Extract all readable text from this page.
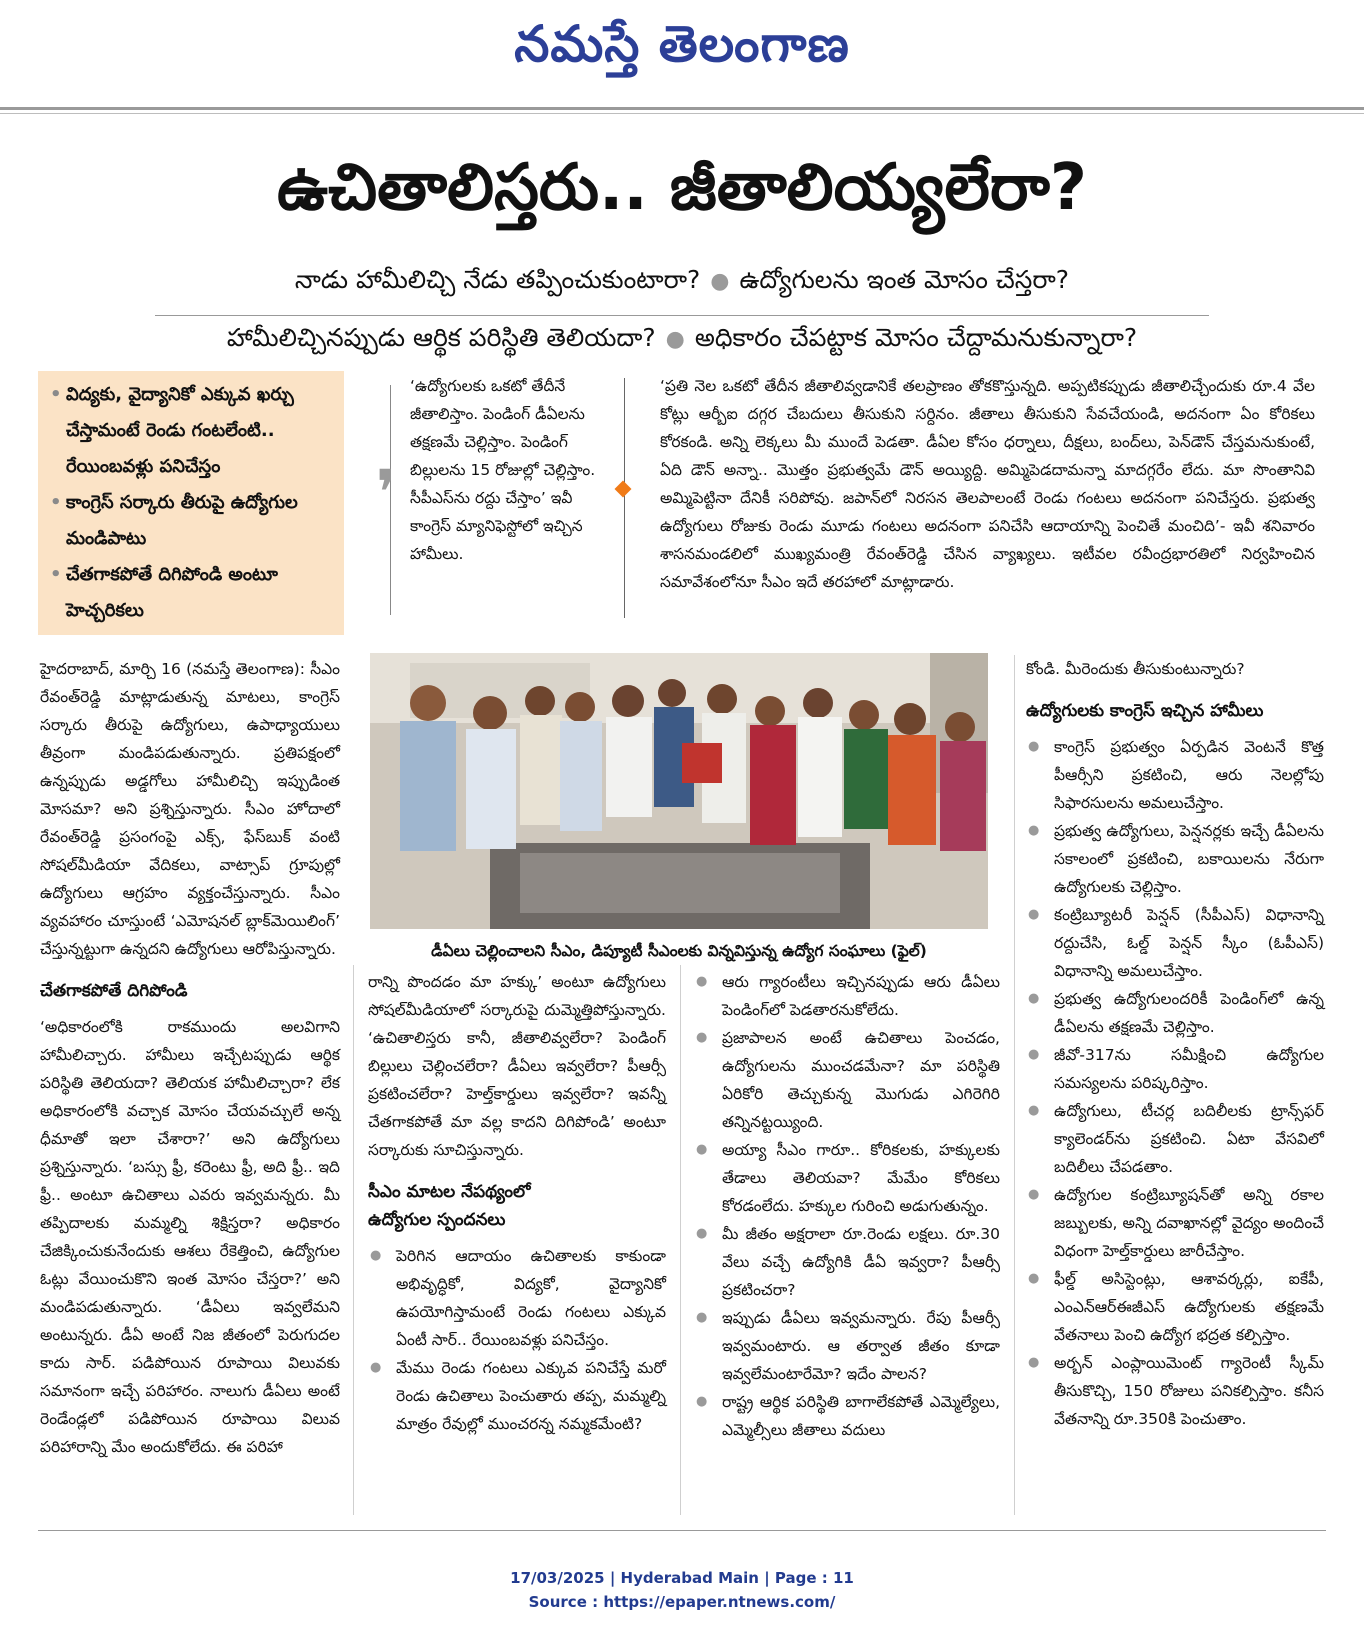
నమస్తే తెలంగాణ
ఉచితాలిస్తరు.. జీతాలియ్యలేరా?
నాడు హామీలిచ్చి నేడు తప్పించుకుంటారా? ● ఉద్యోగులను ఇంత మోసం చేస్తరా?
హామీలిచ్చినప్పుడు ఆర్థిక పరిస్థితి తెలియదా? ● అధికారం చేపట్టాక మోసం చేద్దామనుకున్నారా?
• విద్యకు, వైద్యానికో ఎక్కువ ఖర్చు చేస్తామంటే రెండు గంటలేంటి.. రేయింబవళ్లు పనిచేస్తం
• కాంగ్రెస్ సర్కారు తీరుపై ఉద్యోగుల మండిపాటు
• చేతగాకపోతే దిగిపోండి అంటూ హెచ్చరికలు
❜
‘ఉద్యోగులకు ఒకటో తేదీనే జీతాలిస్తాం. పెండింగ్ డీఏలను తక్షణమే చెల్లిస్తాం. పెండింగ్ బిల్లులను 15 రోజుల్లో చెల్లిస్తాం. సీపీఎస్‌ను రద్దు చేస్తాం’ ఇవీ కాంగ్రెస్ మ్యానిఫెస్టోలో ఇచ్చిన హామీలు.
‘ప్రతి నెల ఒకటో తేదీన జీతాలివ్వడానికే తలప్రాణం తోకకొస్తున్నది. అప్పటికప్పుడు జీతాలిచ్చేందుకు రూ.4 వేల కోట్లు ఆర్బీఐ దగ్గర చేబదులు తీసుకుని సర్దినం. జీతాలు తీసుకుని సేవచేయండి, అదనంగా ఏం కోరికలు కోరకండి. అన్ని లెక్కలు మీ ముందే పెడతా. డీఏల కోసం ధర్నాలు, దీక్షలు, బంద్‌లు, పెన్‌డౌన్ చేస్తమనుకుంటే, ఏది డౌన్ అన్నా.. మొత్తం ప్రభుత్వమే డౌన్ అయ్యిద్ది. అమ్మిపెడదామన్నా మాదగ్గరేం లేదు. మా సొంతానివి అమ్మిపెట్టినా దేనికీ సరిపోవు. జపాన్‌లో నిరసన తెలపాలంటే రెండు గంటలు అదనంగా పనిచేస్తరు. ప్రభుత్వ ఉద్యోగులు రోజుకు రెండు మూడు గంటలు అదనంగా పనిచేసి ఆదాయాన్ని పెంచితే మంచిది’- ఇవీ శనివారం శాసనమండలిలో ముఖ్యమంత్రి రేవంత్‌రెడ్డి చేసిన వ్యాఖ్యలు. ఇటీవల రవీంద్రభారతిలో నిర్వహించిన సమావేశంలోనూ సీఎం ఇదే తరహాలో మాట్లాడారు.
డీఏలు చెల్లించాలని సీఎం, డిప్యూటీ సీఎంలకు విన్నవిస్తున్న ఉద్యోగ సంఘాలు (ఫైల్)

హైదరాబాద్, మార్చి 16 (నమస్తే తెలంగాణ): సీఎం రేవంత్‌రెడ్డి మాట్లాడుతున్న మాటలు, కాంగ్రెస్ సర్కారు తీరుపై ఉద్యోగులు, ఉపాధ్యాయులు తీవ్రంగా మండిపడుతున్నారు. ప్రతిపక్షంలో ఉన్నప్పుడు అడ్డగోలు హామీలిచ్చి ఇప్పుడింత మోసమా? అని ప్రశ్నిస్తున్నారు. సీఎం హోదాలో రేవంత్‌రెడ్డి ప్రసంగంపై ఎక్స్, ఫేస్‌బుక్ వంటి సోషల్‌మీడియా వేదికలు, వాట్సాప్ గ్రూపుల్లో ఉద్యోగులు ఆగ్రహం వ్యక్తంచేస్తున్నారు. సీఎం వ్యవహారం చూస్తుంటే ‘ఎమోషనల్ బ్లాక్‌మెయిలింగ్’ చేస్తున్నట్టుగా ఉన్నదని ఉద్యోగులు ఆరోపిస్తున్నారు.

చేతగాకపోతే దిగిపోండి

‘అధికారంలోకి రాకముందు అలవిగాని హామీలిచ్చారు. హామీలు ఇచ్చేటప్పుడు ఆర్థిక పరిస్థితి తెలియదా? తెలియక హామీలిచ్చారా? లేక అధికారంలోకి వచ్చాక మోసం చేయవచ్చులే అన్న ధీమాతో ఇలా చేశారా?’ అని ఉద్యోగులు ప్రశ్నిస్తున్నారు. ‘బస్సు ఫ్రీ, కరెంటు ఫ్రీ, అది ఫ్రీ.. ఇది ఫ్రీ.. అంటూ ఉచితాలు ఎవరు ఇవ్వమన్నరు. మీ తప్పిదాలకు మమ్మల్ని శిక్షిస్తరా? అధికారం చేజిక్కించుకునేందుకు ఆశలు రేకెత్తించి, ఉద్యోగుల ఓట్లు వేయించుకొని ఇంత మోసం చేస్తరా?’ అని మండిపడుతున్నారు. ‘డీఏలు ఇవ్వలేమని అంటున్నరు. డీఏ అంటే నిజ జీతంలో పెరుగుదల కాదు సార్. పడిపోయిన రూపాయి విలువకు సమానంగా ఇచ్చే పరిహారం. నాలుగు డీఏలు అంటే రెండేండ్లలో పడిపోయిన రూపాయి విలువ పరిహారాన్ని మేం అందుకోలేదు. ఈ పరిహా

రాన్ని పొందడం మా హక్కు’ అంటూ ఉద్యోగులు సోషల్‌మీడియాలో సర్కారుపై దుమ్మెత్తిపోస్తున్నారు. ‘ఉచితాలిస్తరు కానీ, జీతాలివ్వలేరా? పెండింగ్ బిల్లులు చెల్లించలేరా? డీఏలు ఇవ్వలేరా? పీఆర్సీ ప్రకటించలేరా? హెల్త్‌కార్డులు ఇవ్వలేరా? ఇవన్నీ చేతగాకపోతే మా వల్ల కాదని దిగిపోండి’ అంటూ సర్కారుకు సూచిస్తున్నారు.

సీఎం మాటల నేపథ్యంలో
ఉద్యోగుల స్పందనలు
● పెరిగిన ఆదాయం ఉచితాలకు కాకుండా అభివృద్ధికో, విద్యకో, వైద్యానికో ఉపయోగిస్తామంటే రెండు గంటలు ఎక్కువ ఏంటీ సార్.. రేయింబవళ్లు పనిచేస్తం.
● మేము రెండు గంటలు ఎక్కువ పనిచేస్తే మరో రెండు ఉచితాలు పెంచుతారు తప్ప, మమ్మల్ని మాత్రం రేవుల్లో ముంచరన్న నమ్మకమేంటి?
● ఆరు గ్యారంటీలు ఇచ్చినప్పుడు ఆరు డీఏలు పెండింగ్‌లో పెడతారనుకోలేదు.
● ప్రజాపాలన అంటే ఉచితాలు పెంచడం, ఉద్యోగులను ముంచడమేనా? మా పరిస్థితి ఏరికోరి తెచ్చుకున్న మొగుడు ఎగిరెగిరి తన్నినట్టయ్యింది.
● అయ్యా సీఎం గారూ.. కోరికలకు, హక్కులకు తేడాలు తెలియవా? మేమేం కోరికలు కోరడంలేదు. హక్కుల గురించి అడుగుతున్నం.
● మీ జీతం అక్షరాలా రూ.రెండు లక్షలు. రూ.30 వేలు వచ్చే ఉద్యోగికి డీఏ ఇవ్వరా? పీఆర్సీ ప్రకటించరా?
● ఇప్పుడు డీఏలు ఇవ్వమన్నారు. రేపు పీఆర్సీ ఇవ్వమంటారు. ఆ తర్వాత జీతం కూడా ఇవ్వలేమంటారేమో? ఇదేం పాలన?
● రాష్ట్ర ఆర్థిక పరిస్థితి బాగాలేకపోతే ఎమ్మెల్యేలు, ఎమ్మెల్సీలు జీతాలు వదులు

కోండి. మీరెందుకు తీసుకుంటున్నారు?

ఉద్యోగులకు కాంగ్రెస్ ఇచ్చిన హామీలు
● కాంగ్రెస్ ప్రభుత్వం ఏర్పడిన వెంటనే కొత్త పీఆర్సీని ప్రకటించి, ఆరు నెలల్లోపు సిఫారసులను అమలుచేస్తాం.
● ప్రభుత్వ ఉద్యోగులు, పెన్షనర్లకు ఇచ్చే డీఏలను సకాలంలో ప్రకటించి, బకాయిలను నేరుగా ఉద్యోగులకు చెల్లిస్తాం.
● కంట్రిబ్యూటరీ పెన్షన్ (సీపీఎస్) విధానాన్ని రద్దుచేసి, ఓల్డ్ పెన్షన్ స్కీం (ఓపీఎస్) విధానాన్ని అమలుచేస్తాం.
● ప్రభుత్వ ఉద్యోగులందరికీ పెండింగ్‌లో ఉన్న డీఏలను తక్షణమే చెల్లిస్తాం.
● జీవో-317ను సమీక్షించి ఉద్యోగుల సమస్యలను పరిష్కరిస్తాం.
● ఉద్యోగులు, టీచర్ల బదిలీలకు ట్రాన్స్‌ఫర్ క్యాలెండర్‌ను ప్రకటించి. ఏటా వేసవిలో బదిలీలు చేపడతాం.
● ఉద్యోగుల కంట్రిబ్యూషన్‌తో అన్ని రకాల జబ్బులకు, అన్ని దవాఖానల్లో వైద్యం అందించే విధంగా హెల్త్‌కార్డులు జారీచేస్తాం.
● ఫీల్డ్ అసిస్టెంట్లు, ఆశావర్కర్లు, ఐకేపీ, ఎంఎన్‌ఆర్‌ఈజీఎస్ ఉద్యోగులకు తక్షణమే వేతనాలు పెంచి ఉద్యోగ భద్రత కల్పిస్తాం.
● అర్బన్ ఎంప్లాయిమెంట్ గ్యారెంటీ స్కీమ్ తీసుకొచ్చి, 150 రోజులు పనికల్పిస్తాం. కనీస వేతనాన్ని రూ.350కి పెంచుతాం.
17/03/2025 | Hyderabad Main | Page : 11
Source : https://epaper.ntnews.com/
